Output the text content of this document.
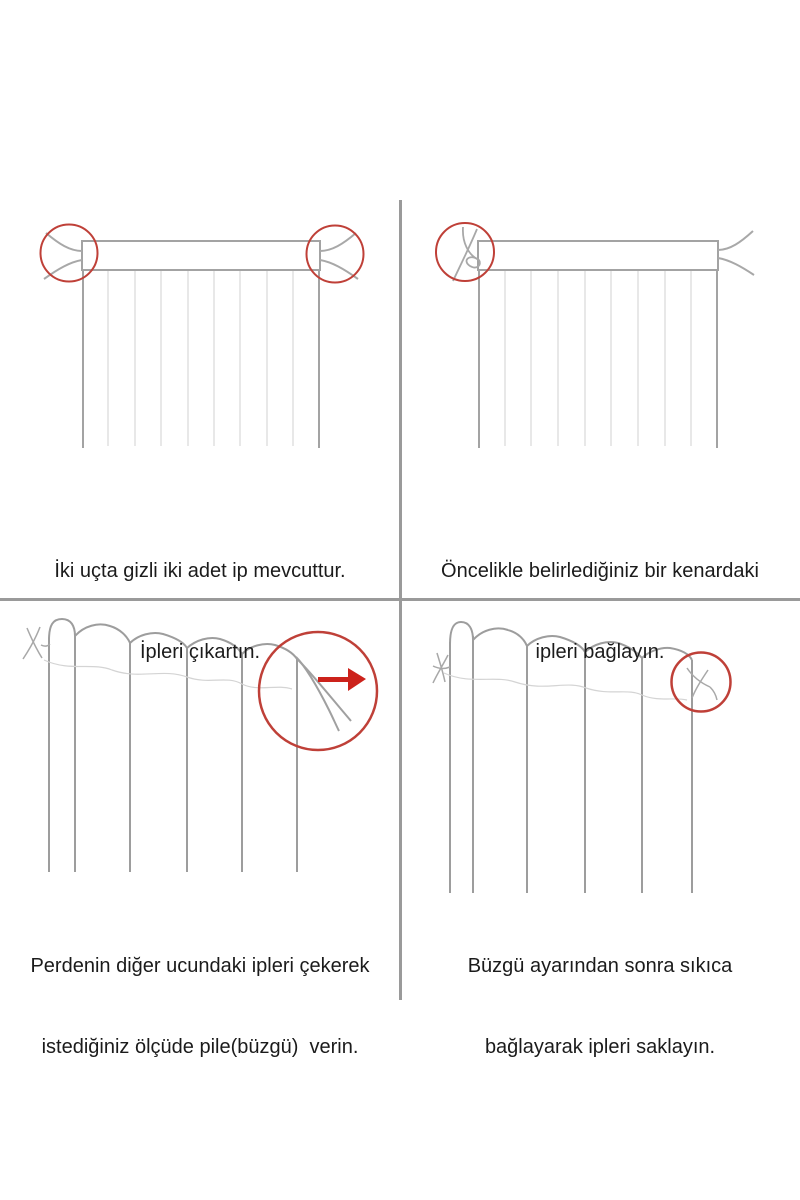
İki uçta gizli iki adet ip mevcuttur.

İpleri çıkartın.

Öncelikle belirlediğiniz bir kenardaki

ipleri bağlayın.

Perdenin diğer ucundaki ipleri çekerek

istediğiniz ölçüde pile(büzgü)  verin.

Büzgü ayarından sonra sıkıca

bağlayarak ipleri saklayın.
